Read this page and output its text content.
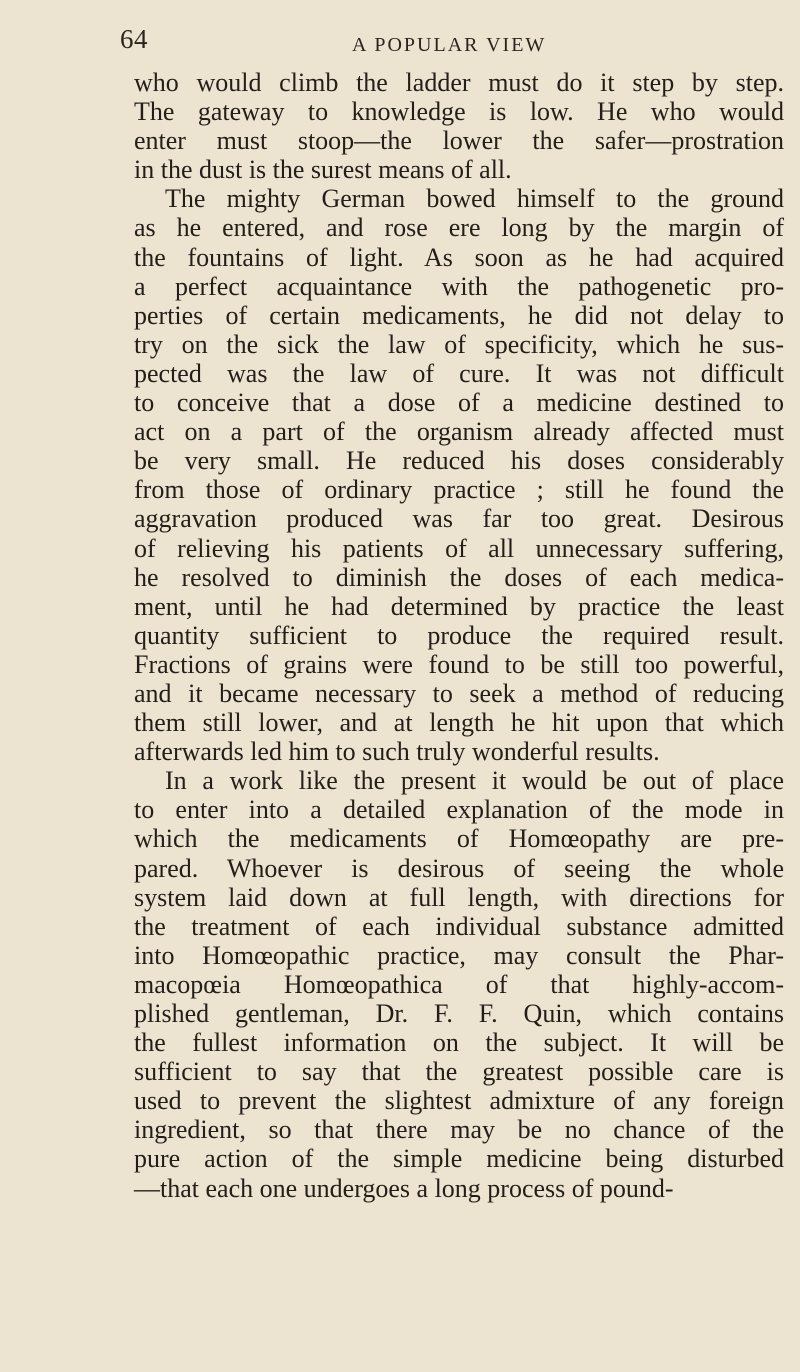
64	A POPULAR VIEW
who would climb the ladder must do it step by step.
The gateway to knowledge is low. He who would
enter must stoop—the lower the safer—prostration
in the dust is the surest means of all.
The mighty German bowed himself to the ground
as he entered, and rose ere long by the margin of
the fountains of light. As soon as he had acquired
a perfect acquaintance with the pathogenetic pro-
perties of certain medicaments, he did not delay to
try on the sick the law of specificity, which he sus-
pected was the law of cure. It was not difficult
to conceive that a dose of a medicine destined to
act on a part of the organism already affected must
be very small. He reduced his doses considerably
from those of ordinary practice ; still he found the
aggravation produced was far too great. Desirous
of relieving his patients of all unnecessary suffering,
he resolved to diminish the doses of each medica-
ment, until he had determined by practice the least
quantity sufficient to produce the required result.
Fractions of grains were found to be still too powerful,
and it became necessary to seek a method of reducing
them still lower, and at length he hit upon that which
afterwards led him to such truly wonderful results.
In a work like the present it would be out of place
to enter into a detailed explanation of the mode in
which the medicaments of Homœopathy are pre-
pared. Whoever is desirous of seeing the whole
system laid down at full length, with directions for
the treatment of each individual substance admitted
into Homœopathic practice, may consult the Phar-
macopœia Homœopathica of that highly-accom-
plished gentleman, Dr. F. F. Quin, which contains
the fullest information on the subject. It will be
sufficient to say that the greatest possible care is
used to prevent the slightest admixture of any foreign
ingredient, so that there may be no chance of the
pure action of the simple medicine being disturbed
—that each one undergoes a long process of pound-
